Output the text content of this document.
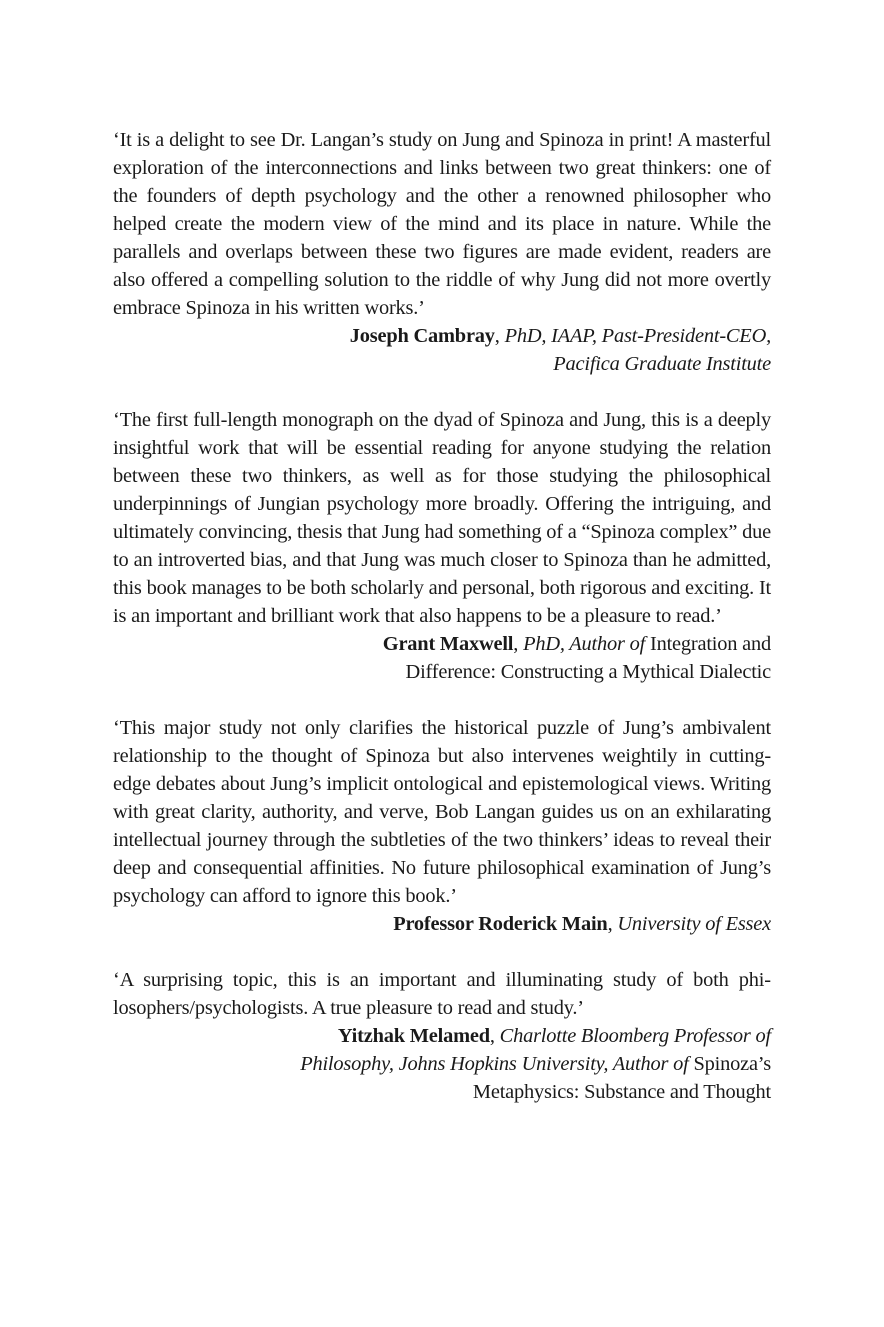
‘It is a delight to see Dr. Langan’s study on Jung and Spinoza in print! A masterful exploration of the interconnections and links between two great thinkers: one of the founders of depth psychology and the other a renowned philosopher who helped create the modern view of the mind and its place in nature. While the parallels and overlaps between these two figures are made evident, readers are also offered a compelling solution to the riddle of why Jung did not more overtly embrace Spinoza in his written works.’

Joseph Cambray, PhD, IAAP, Past-President-CEO,
Pacifica Graduate Institute

‘The first full-length monograph on the dyad of Spinoza and Jung, this is a deeply insightful work that will be essential reading for anyone studying the relation between these two thinkers, as well as for those studying the philosophical underpinnings of Jungian psychology more broadly. Offering the intriguing, and ultimately convincing, thesis that Jung had something of a “Spinoza complex” due to an introverted bias, and that Jung was much closer to Spinoza than he admitted, this book manages to be both scholarly and personal, both rigorous and exciting. It is an important and brilliant work that also happens to be a pleasure to read.’

Grant Maxwell, PhD, Author of Integration and
Difference: Constructing a Mythical Dialectic

‘This major study not only clarifies the historical puzzle of Jung’s ambivalent relationship to the thought of Spinoza but also intervenes weightily in cutting-edge debates about Jung’s implicit ontological and epistemological views. Writing with great clarity, authority, and verve, Bob Langan guides us on an exhilarating intellectual journey through the subtleties of the two thinkers’ ideas to reveal their deep and consequential affinities. No future philosophical examination of Jung’s psychology can afford to ignore this book.’

Professor Roderick Main, University of Essex

‘A surprising topic, this is an important and illuminating study of both philosophers/psychologists. A true pleasure to read and study.’

Yitzhak Melamed, Charlotte Bloomberg Professor of
Philosophy, Johns Hopkins University, Author of Spinoza’s
Metaphysics: Substance and Thought
